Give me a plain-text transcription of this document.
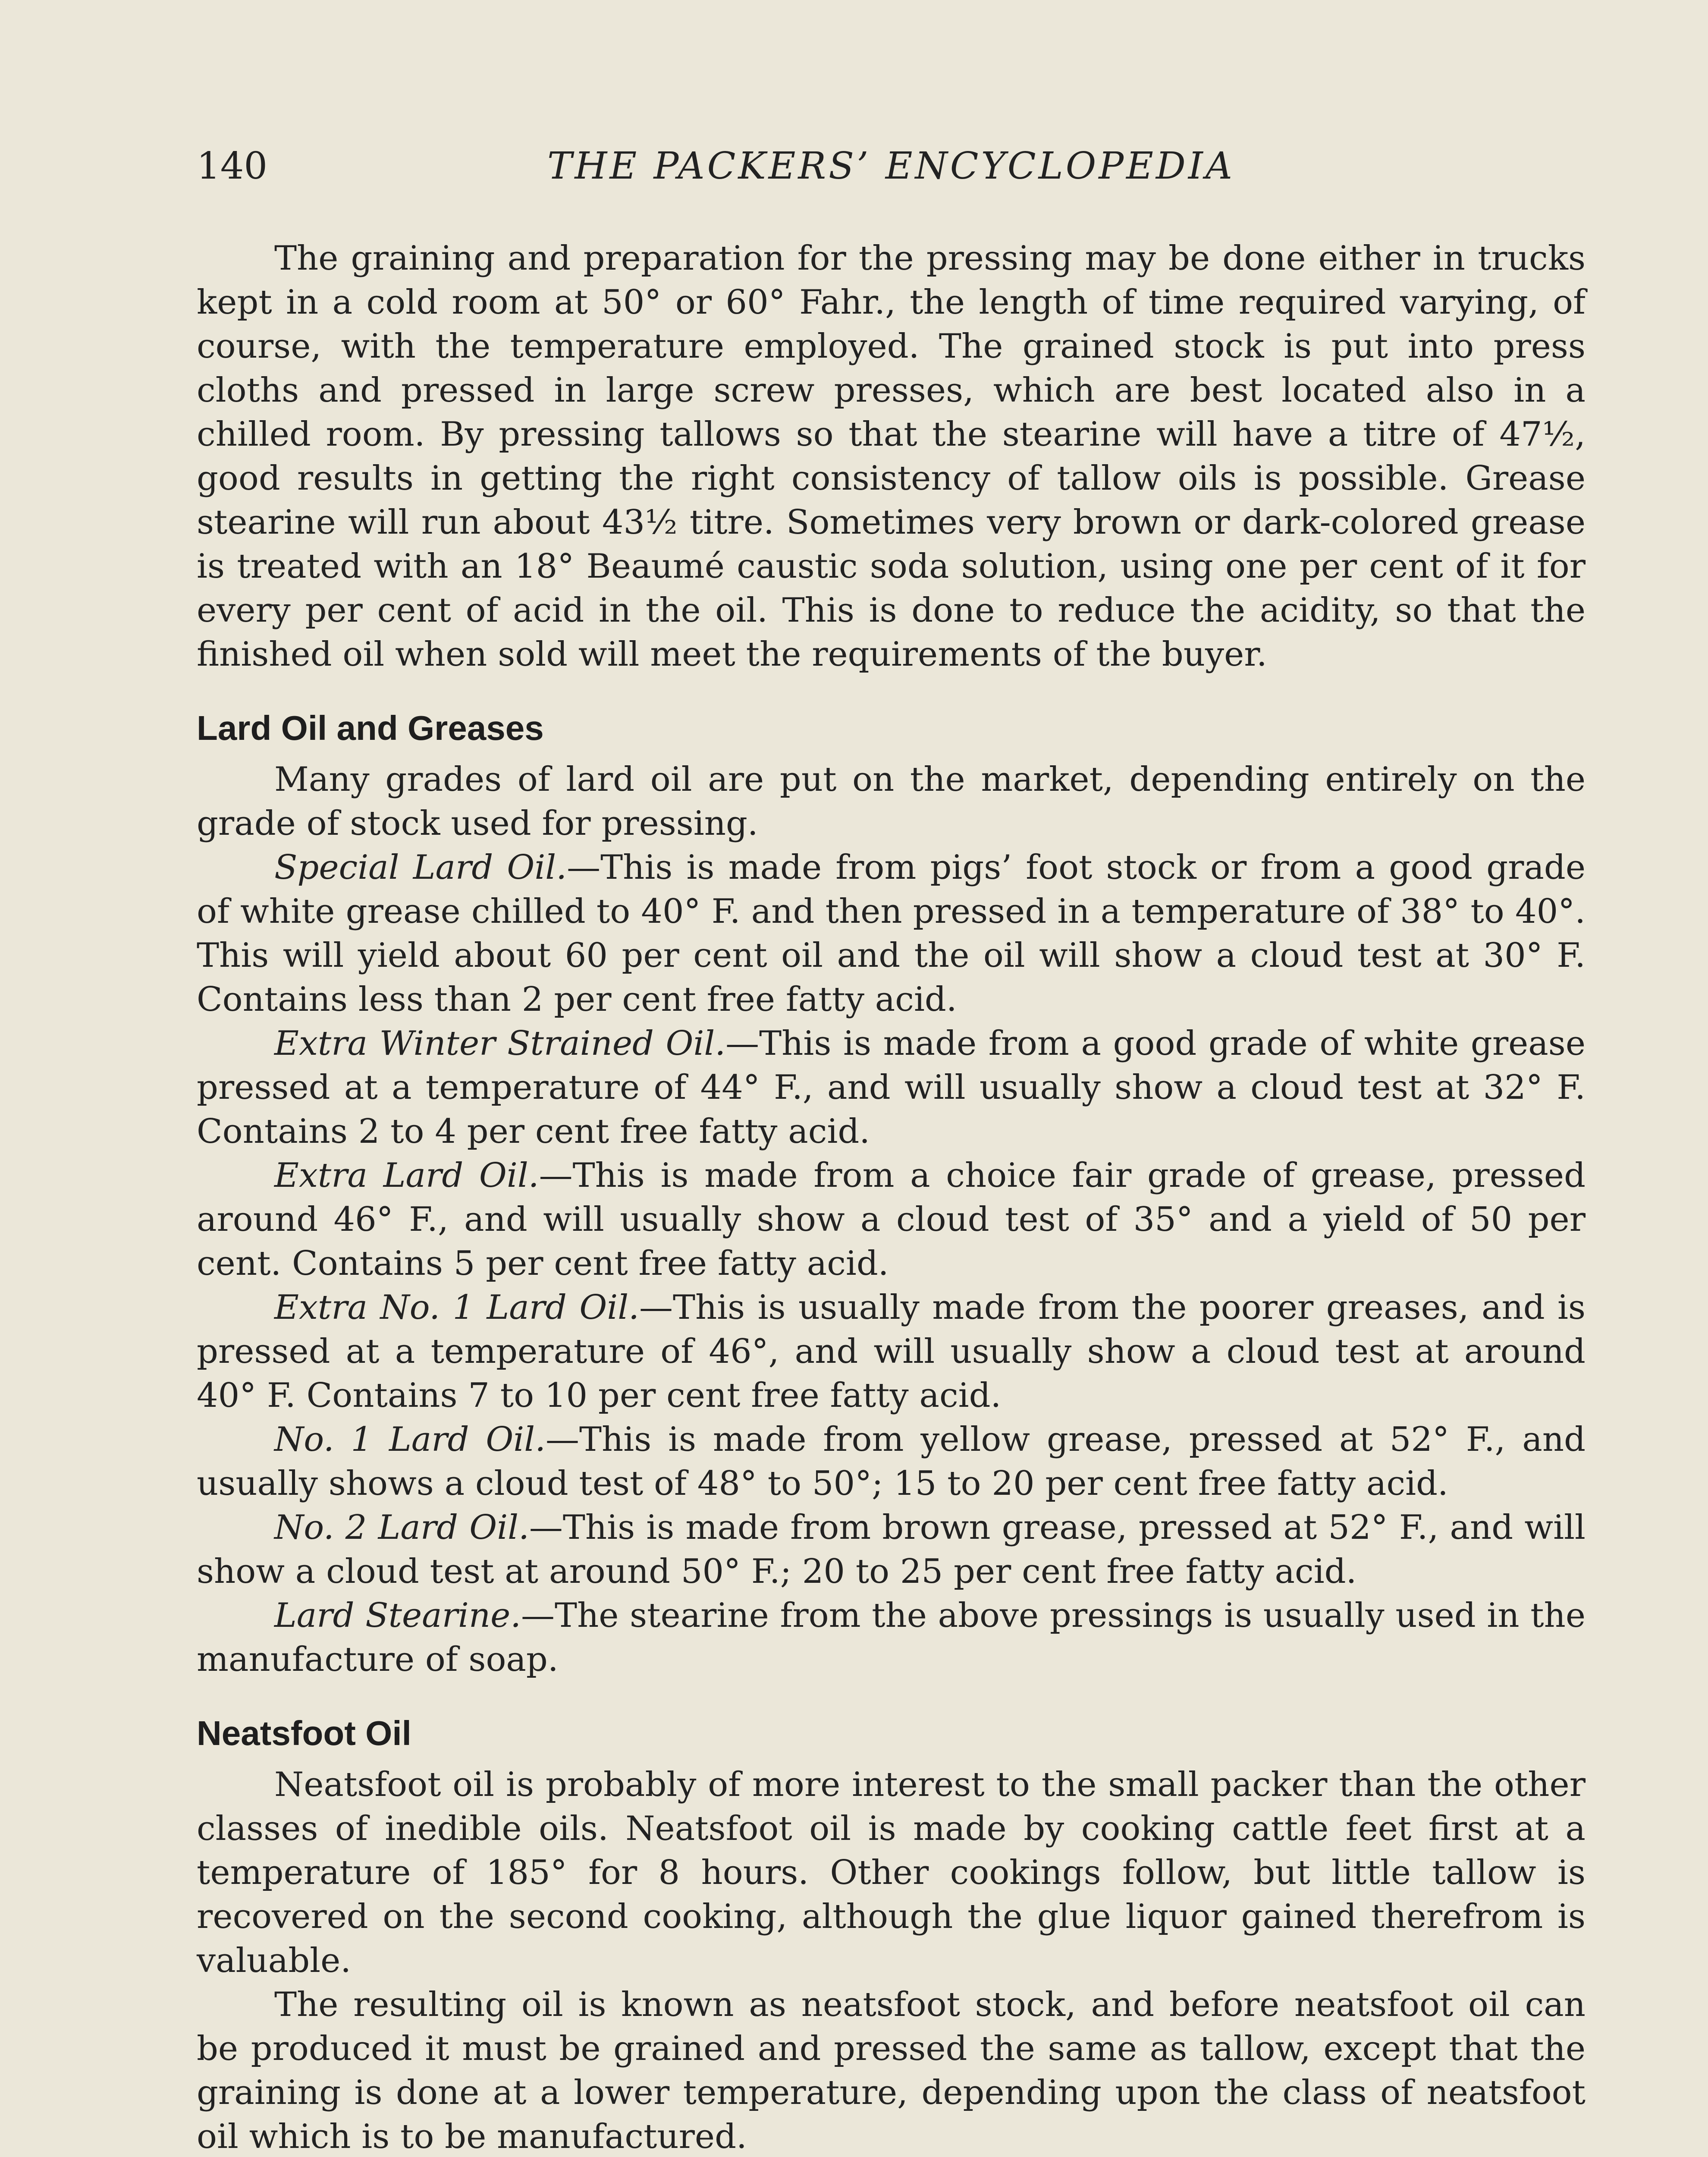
140	THE PACKERS’ ENCYCLOPEDIA

The graining and preparation for the pressing may be done either in trucks kept in a cold room at 50° or 60° Fahr., the length of time required varying, of course, with the temperature employed. The grained stock is put into press cloths and pressed in large screw presses, which are best located also in a chilled room. By pressing tallows so that the stearine will have a titre of 47½, good results in getting the right consistency of tallow oils is possible. Grease stearine will run about 43½ titre. Sometimes very brown or dark-colored grease is treated with an 18° Beaumé caustic soda solution, using one per cent of it for every per cent of acid in the oil. This is done to reduce the acidity, so that the finished oil when sold will meet the requirements of the buyer.

Lard Oil and Greases

Many grades of lard oil are put on the market, depending entirely on the grade of stock used for pressing.

Special Lard Oil.—This is made from pigs’ foot stock or from a good grade of white grease chilled to 40° F. and then pressed in a temperature of 38° to 40°. This will yield about 60 per cent oil and the oil will show a cloud test at 30° F. Contains less than 2 per cent free fatty acid.

Extra Winter Strained Oil.—This is made from a good grade of white grease pressed at a temperature of 44° F., and will usually show a cloud test at 32° F. Contains 2 to 4 per cent free fatty acid.

Extra Lard Oil.—This is made from a choice fair grade of grease, pressed around 46° F., and will usually show a cloud test of 35° and a yield of 50 per cent. Contains 5 per cent free fatty acid.

Extra No. 1 Lard Oil.—This is usually made from the poorer greases, and is pressed at a temperature of 46°, and will usually show a cloud test at around 40° F. Contains 7 to 10 per cent free fatty acid.

No. 1 Lard Oil.—This is made from yellow grease, pressed at 52° F., and usually shows a cloud test of 48° to 50°; 15 to 20 per cent free fatty acid.

No. 2 Lard Oil.—This is made from brown grease, pressed at 52° F., and will show a cloud test at around 50° F.; 20 to 25 per cent free fatty acid.

Lard Stearine.—The stearine from the above pressings is usually used in the manufacture of soap.

Neatsfoot Oil

Neatsfoot oil is probably of more interest to the small packer than the other classes of inedible oils. Neatsfoot oil is made by cooking cattle feet first at a temperature of 185° for 8 hours. Other cookings follow, but little tallow is recovered on the second cooking, although the glue liquor gained therefrom is valuable.

The resulting oil is known as neatsfoot stock, and before neatsfoot oil can be produced it must be grained and pressed the same as tallow, except that the graining is done at a lower temperature, depending upon the class of neatsfoot oil which is to be manufactured.
